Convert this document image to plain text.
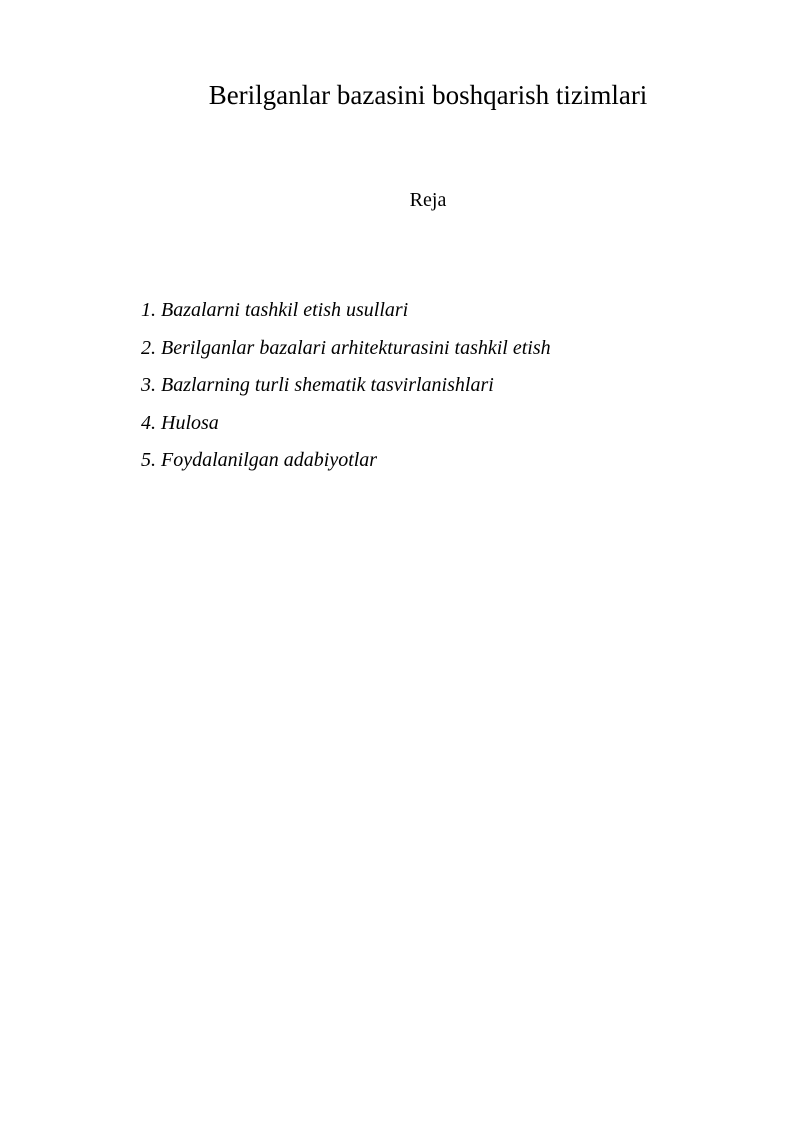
Berilganlar bazasini boshqarish tizimlari
Reja
1. Bazalarni tashkil etish usullari
2. Berilganlar bazalari arhitekturasini tashkil etish
3. Bazlarning turli shematik tasvirlanishlari
4. Hulosa
5. Foydalanilgan adabiyotlar
